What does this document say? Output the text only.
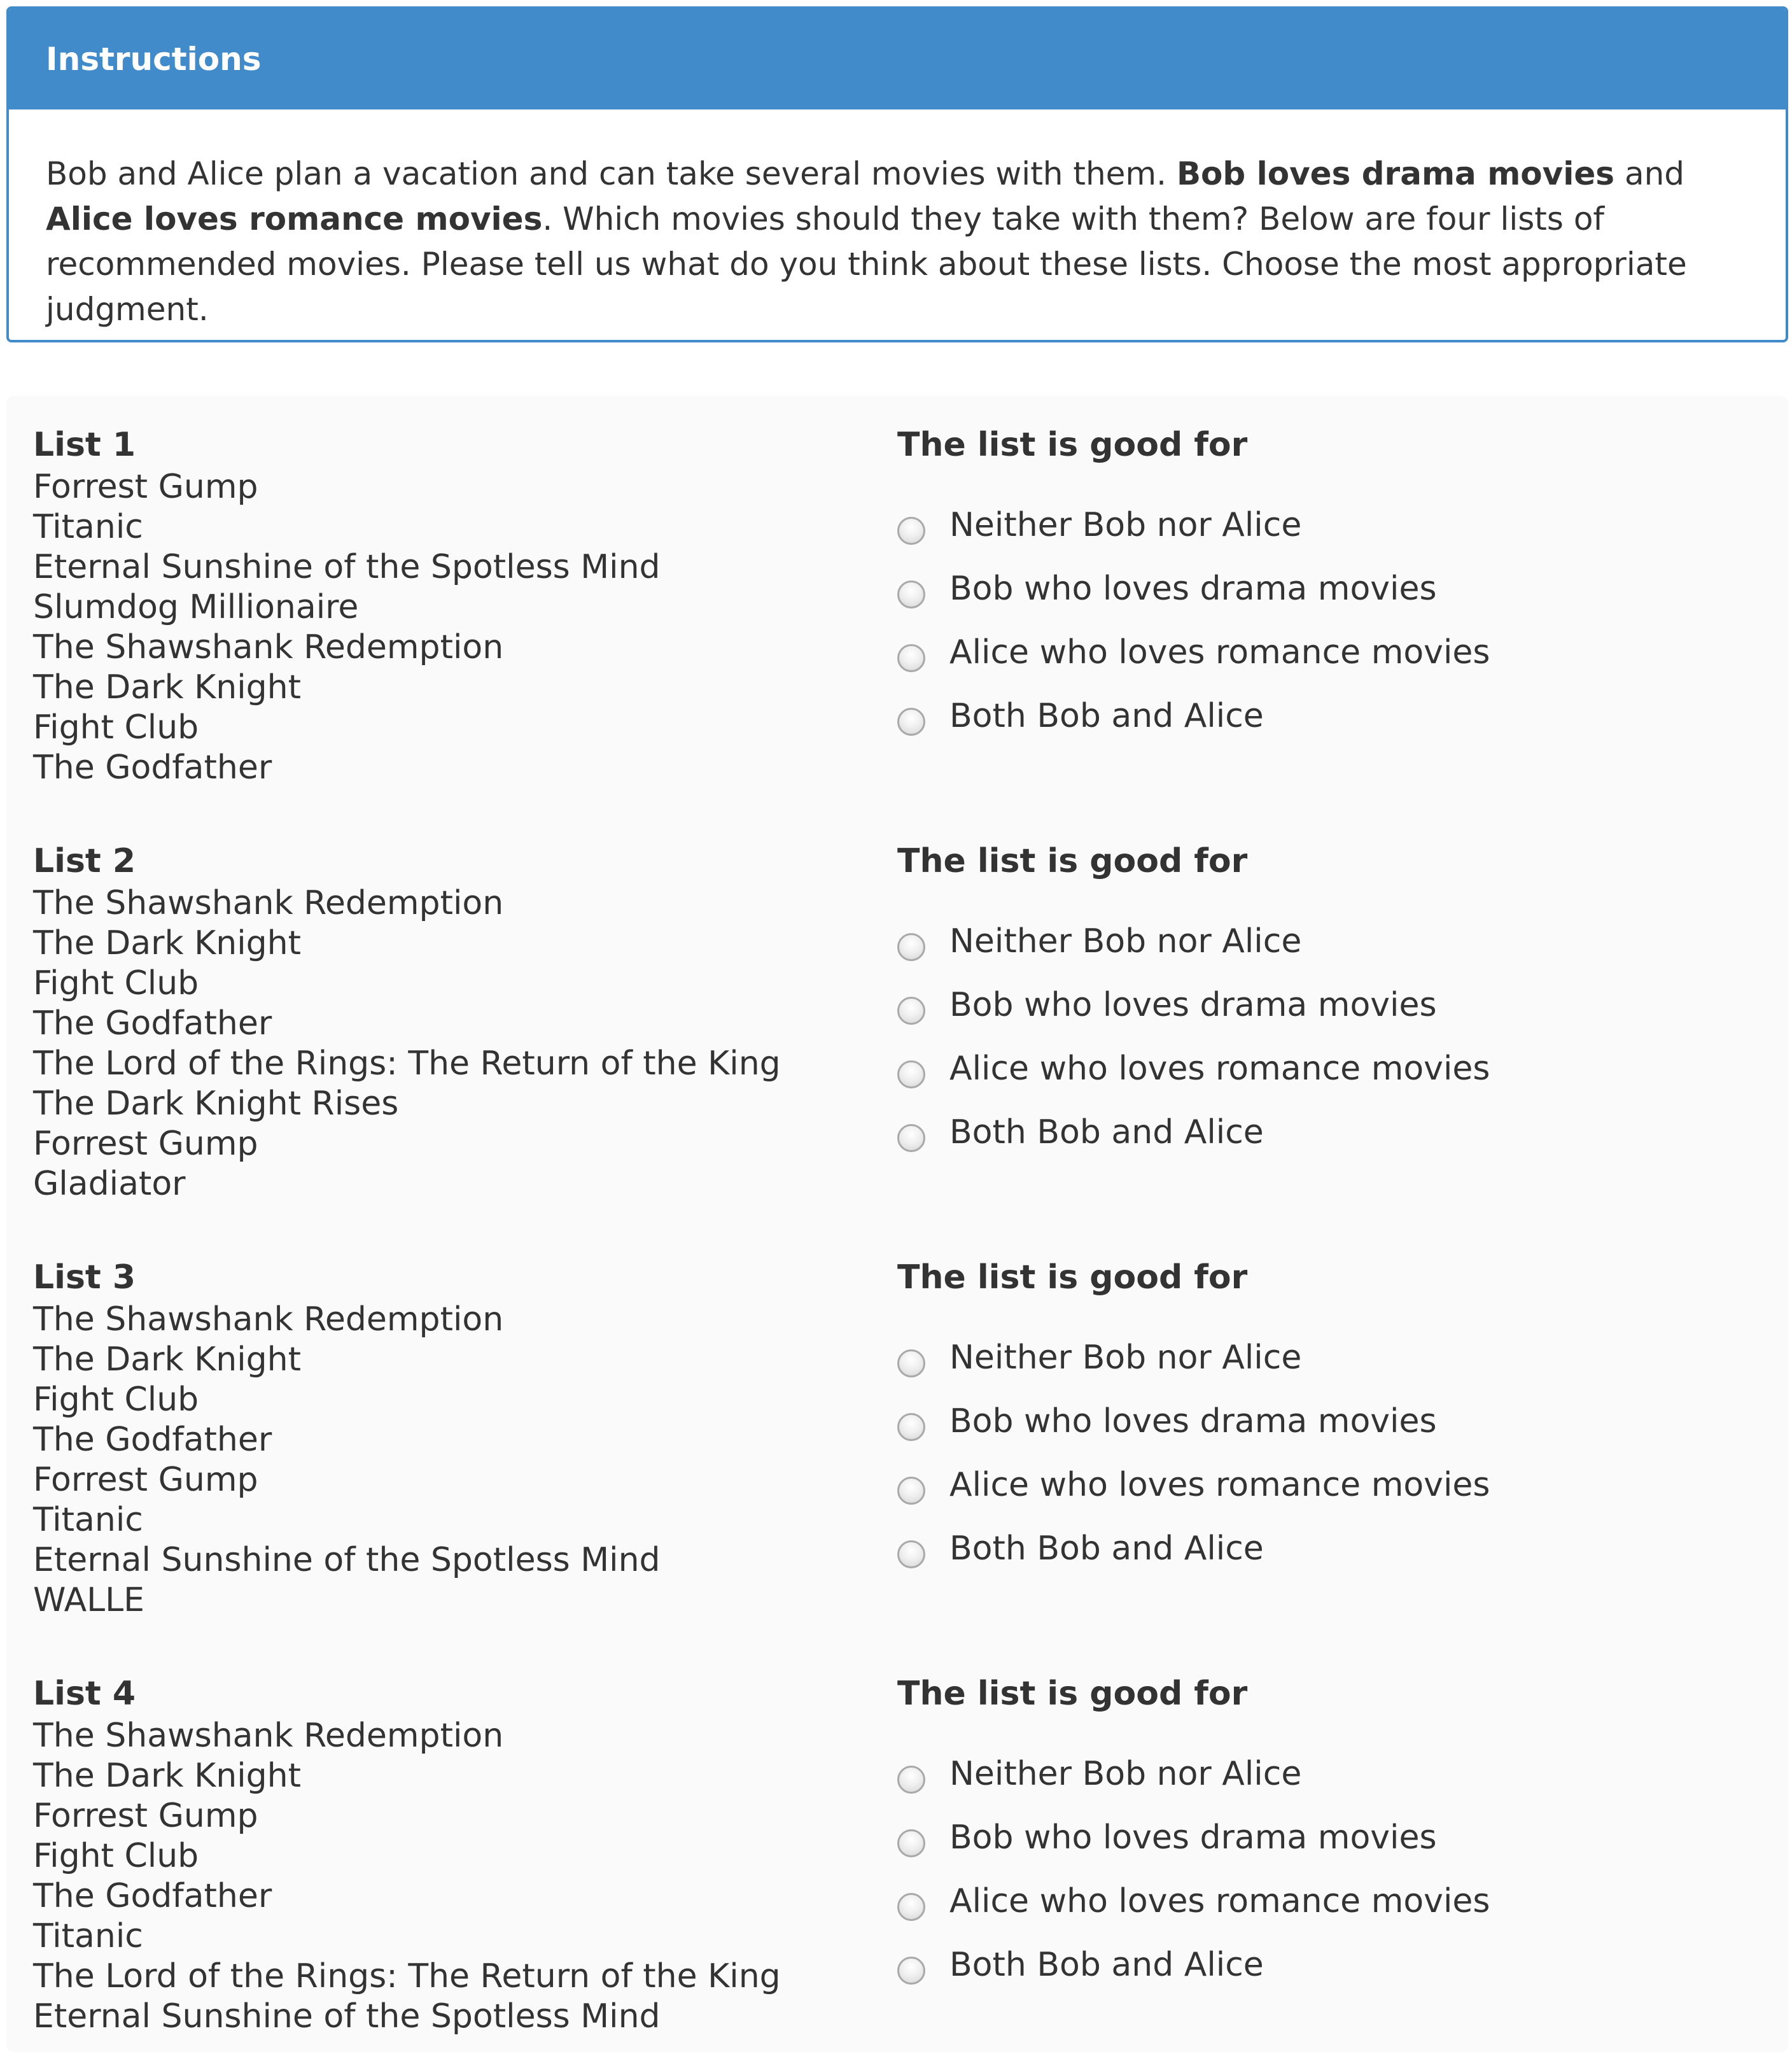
Instructions
Bob and Alice plan a vacation and can take several movies with them. Bob loves drama movies and Alice loves romance movies. Which movies should they take with them? Below are four lists of recommended movies. Please tell us what do you think about these lists. Choose the most appropriate judgment.
List 1
Forrest Gump
Titanic
Eternal Sunshine of the Spotless Mind
Slumdog Millionaire
The Shawshank Redemption
The Dark Knight
Fight Club
The Godfather
The list is good for
Neither Bob nor Alice
Bob who loves drama movies
Alice who loves romance movies
Both Bob and Alice
List 2
The Shawshank Redemption
The Dark Knight
Fight Club
The Godfather
The Lord of the Rings: The Return of the King
The Dark Knight Rises
Forrest Gump
Gladiator
The list is good for
Neither Bob nor Alice
Bob who loves drama movies
Alice who loves romance movies
Both Bob and Alice
List 3
The Shawshank Redemption
The Dark Knight
Fight Club
The Godfather
Forrest Gump
Titanic
Eternal Sunshine of the Spotless Mind
WALLE
The list is good for
Neither Bob nor Alice
Bob who loves drama movies
Alice who loves romance movies
Both Bob and Alice
List 4
The Shawshank Redemption
The Dark Knight
Forrest Gump
Fight Club
The Godfather
Titanic
The Lord of the Rings: The Return of the King
Eternal Sunshine of the Spotless Mind
The list is good for
Neither Bob nor Alice
Bob who loves drama movies
Alice who loves romance movies
Both Bob and Alice
